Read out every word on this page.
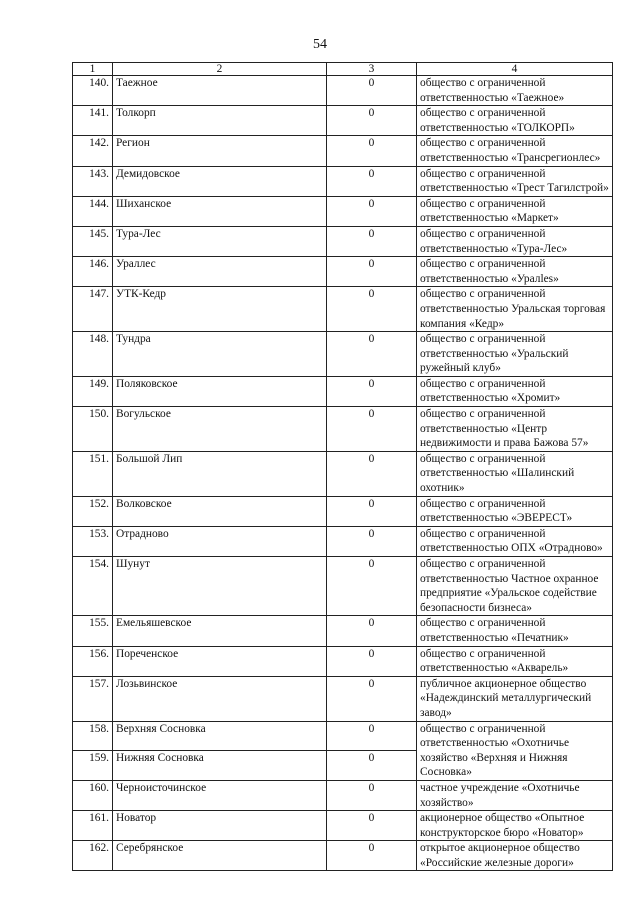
54
1	2	3	4
140.	Таежное	0	общество с ограниченной ответственностью «Таежное»
141.	Толкорп	0	общество с ограниченной ответственностью «ТОЛКОРП»
142.	Регион	0	общество с ограниченной ответственностью «Трансрегионлес»
143.	Демидовское	0	общество с ограниченной ответственностью «Трест Тагилстрой»
144.	Шиханское	0	общество с ограниченной ответственностью «Маркет»
145.	Тура-Лес	0	общество с ограниченной ответственностью «Тура-Лес»
146.	Ураллес	0	общество с ограниченной ответственностью «Уралles»
147.	УТК-Кедр	0	общество с ограниченной ответственностью Уральская торговая компания «Кедр»
148.	Тундра	0	общество с ограниченной ответственностью «Уральский ружейный клуб»
149.	Поляковское	0	общество с ограниченной ответственностью «Хромит»
150.	Вогульское	0	общество с ограниченной ответственностью «Центр недвижимости и права Бажова 57»
151.	Большой Лип	0	общество с ограниченной ответственностью «Шалинский охотник»
152.	Волковское	0	общество с ограниченной ответственностью «ЭВЕРЕСТ»
153.	Отрадново	0	общество с ограниченной ответственностью ОПХ «Отрадново»
154.	Шунут	0	общество с ограниченной ответственностью Частное охранное предприятие «Уральское содействие безопасности бизнеса»
155.	Емельяшевское	0	общество с ограниченной ответственностью «Печатник»
156.	Пореченское	0	общество с ограниченной ответственностью «Акварель»
157.	Лозьвинское	0	публичное акционерное общество «Надеждинский металлургический завод»
158.	Верхняя Сосновка	0	общество с ограниченной ответственностью «Охотничье хозяйство «Верхняя и Нижняя Сосновка»
159.	Нижняя Сосновка	0	
160.	Черноисточинское	0	частное учреждение «Охотничье хозяйство»
161.	Новатор	0	акционерное общество «Опытное конструкторское бюро «Новатор»
162.	Серебрянское	0	открытое акционерное общество «Российские железные дороги»
